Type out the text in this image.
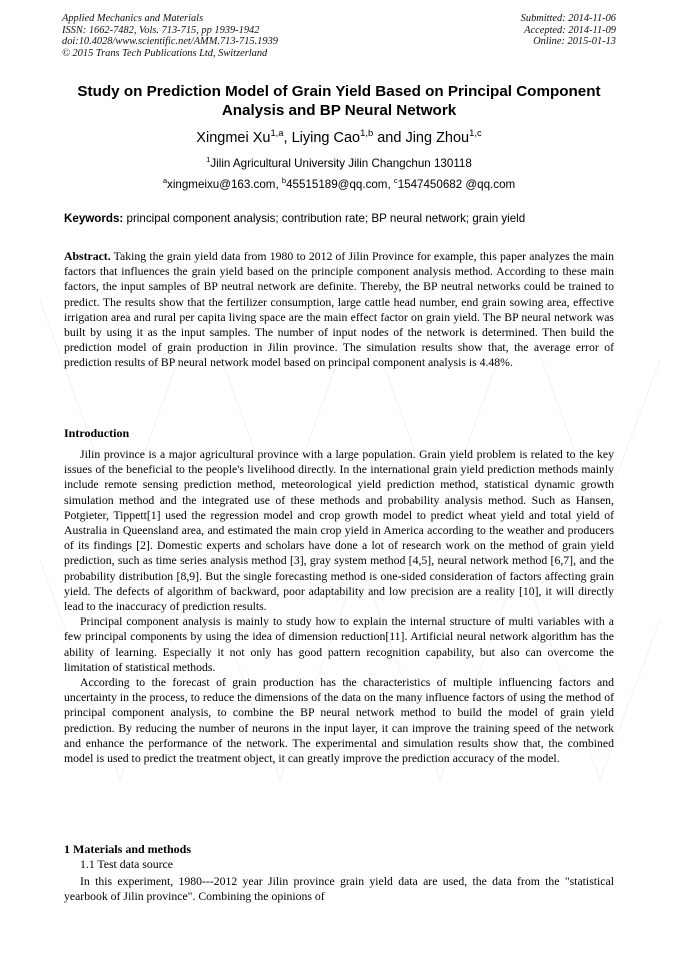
Applied Mechanics and Materials
ISSN: 1662-7482, Vols. 713-715, pp 1939-1942
doi:10.4028/www.scientific.net/AMM.713-715.1939
© 2015 Trans Tech Publications Ltd, Switzerland
Submitted: 2014-11-06
Accepted: 2014-11-09
Online: 2015-01-13
Study on Prediction Model of Grain Yield Based on Principal Component Analysis and BP Neural Network
Xingmei Xu$^{1,a}$, Liying Cao$^{1,b}$ and Jing Zhou$^{1,c}$
$^1$Jilin Agricultural University Jilin Changchun 130118
$^a$xingmeixu@163.com, $^b$45515189@qq.com, $^c$1547450682 @qq.com
Keywords: principal component analysis; contribution rate; BP neural network; grain yield
Abstract. Taking the grain yield data from 1980 to 2012 of Jilin Province for example, this paper analyzes the main factors that influences the grain yield based on the principle component analysis method. According to these main factors, the input samples of BP neutral network are definite. Thereby, the BP neutral networks could be trained to predict. The results show that the fertilizer consumption, large cattle head number, end grain sowing area, effective irrigation area and rural per capita living space are the main effect factor on grain yield. The BP neural network was built by using it as the input samples. The number of input nodes of the network is determined. Then build the prediction model of grain production in Jilin province. The simulation results show that, the average error of prediction results of BP neural network model based on principal component analysis is 4.48%.
Introduction

Jilin province is a major agricultural province with a large population. Grain yield problem is related to the key issues of the beneficial to the people's livelihood directly. In the international grain yield prediction methods mainly include remote sensing prediction method, meteorological yield prediction method, statistical dynamic growth simulation method and the integrated use of these methods and probability analysis method. Such as Hansen, Potgieter, Tippett[1] used the regression model and crop growth model to predict wheat yield and total yield of Australia in Queensland area, and estimated the main crop yield in America according to the weather and producers of its findings [2]. Domestic experts and scholars have done a lot of research work on the method of grain yield prediction, such as time series analysis method [3], gray system method [4,5], neural network method [6,7], and the probability distribution [8,9]. But the single forecasting method is one-sided consideration of factors affecting grain yield. The defects of algorithm of backward, poor adaptability and low precision are a reality [10], it will directly lead to the inaccuracy of prediction results.

Principal component analysis is mainly to study how to explain the internal structure of multi variables with a few principal components by using the idea of dimension reduction[11]. Artificial neural network algorithm has the ability of learning. Especially it not only has good pattern recognition capability, but also can overcome the limitation of statistical methods.

According to the forecast of grain production has the characteristics of multiple influencing factors and uncertainty in the process, to reduce the dimensions of the data on the many influence factors of using the method of principal component analysis, to combine the BP neural network method to build the model of grain yield prediction. By reducing the number of neurons in the input layer, it can improve the training speed of the network and enhance the performance of the network. The experimental and simulation results show that, the combined model is used to predict the treatment object, it can greatly improve the prediction accuracy of the model.

1 Materials and methods
1.1 Test data source

In this experiment, 1980---2012 year Jilin province grain yield data are used, the data from the "statistical yearbook of Jilin province". Combining the opinions of
